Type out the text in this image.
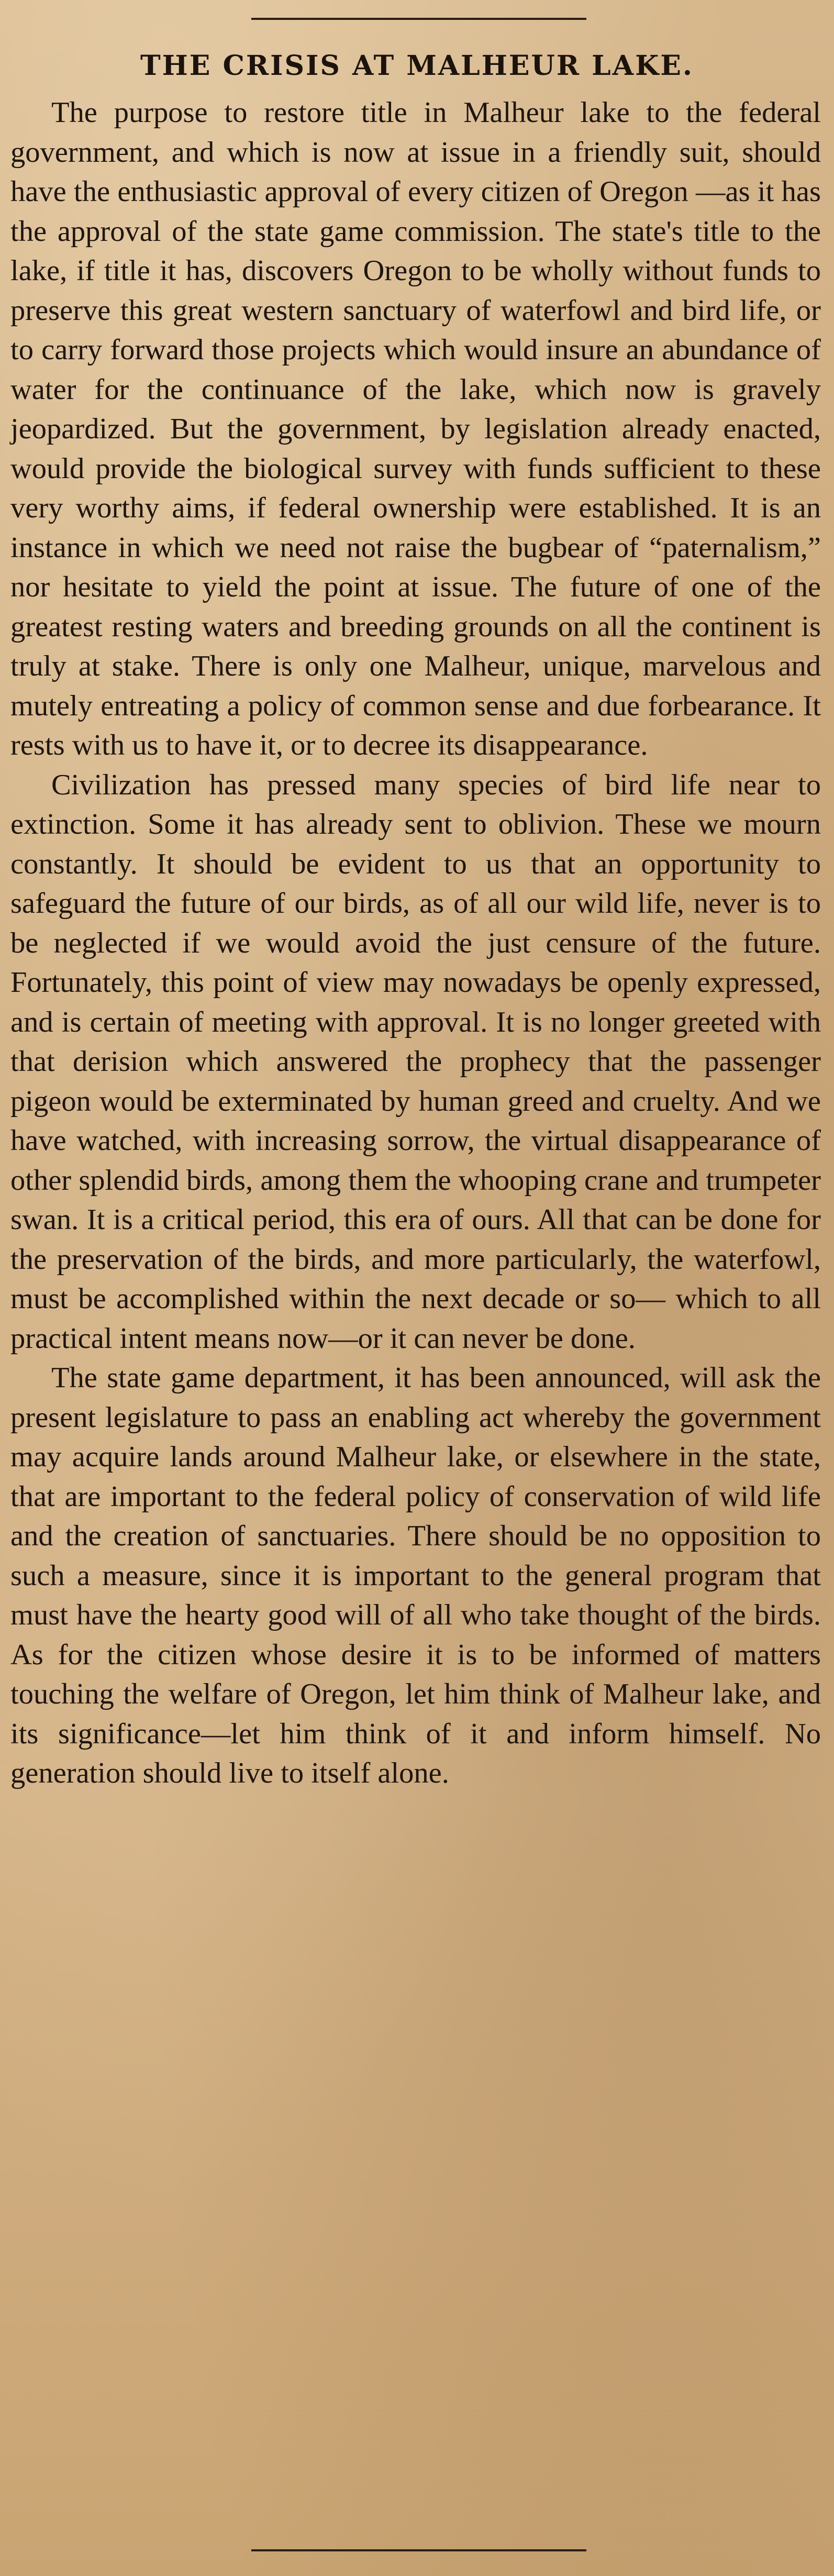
THE CRISIS AT MALHEUR LAKE.

The purpose to restore title in Malheur lake to the federal government, and which is now at issue in a friendly suit, should have the enthusiastic approval of every citizen of Oregon —as it has the approval of the state game commission. The state's title to the lake, if title it has, discovers Oregon to be wholly without funds to preserve this great western sanctuary of waterfowl and bird life, or to carry forward those projects which would insure an abundance of water for the continuance of the lake, which now is gravely jeopardized. But the government, by legislation already enacted, would provide the biological survey with funds sufficient to these very worthy aims, if federal ownership were established. It is an instance in which we need not raise the bugbear of “paternalism,” nor hesitate to yield the point at issue. The future of one of the greatest resting waters and breeding grounds on all the continent is truly at stake. There is only one Malheur, unique, marvelous and mutely entreating a policy of common sense and due forbearance. It rests with us to have it, or to decree its disappearance.

Civilization has pressed many species of bird life near to extinction. Some it has already sent to oblivion. These we mourn constantly. It should be evident to us that an opportunity to safeguard the future of our birds, as of all our wild life, never is to be neglected if we would avoid the just censure of the future. Fortunately, this point of view may nowadays be openly expressed, and is certain of meeting with approval. It is no longer greeted with that derision which answered the prophecy that the passenger pigeon would be exterminated by human greed and cruelty. And we have watched, with increasing sorrow, the virtual disappearance of other splendid birds, among them the whooping crane and trumpeter swan. It is a critical period, this era of ours. All that can be done for the preservation of the birds, and more particularly, the waterfowl, must be accomplished within the next decade or so— which to all practical intent means now—or it can never be done.

The state game department, it has been announced, will ask the present legislature to pass an enabling act whereby the government may acquire lands around Malheur lake, or elsewhere in the state, that are important to the federal policy of conservation of wild life and the creation of sanctuaries. There should be no opposition to such a measure, since it is important to the general program that must have the hearty good will of all who take thought of the birds. As for the citizen whose desire it is to be informed of matters touching the welfare of Oregon, let him think of Malheur lake, and its significance—let him think of it and inform himself. No generation should live to itself alone.
